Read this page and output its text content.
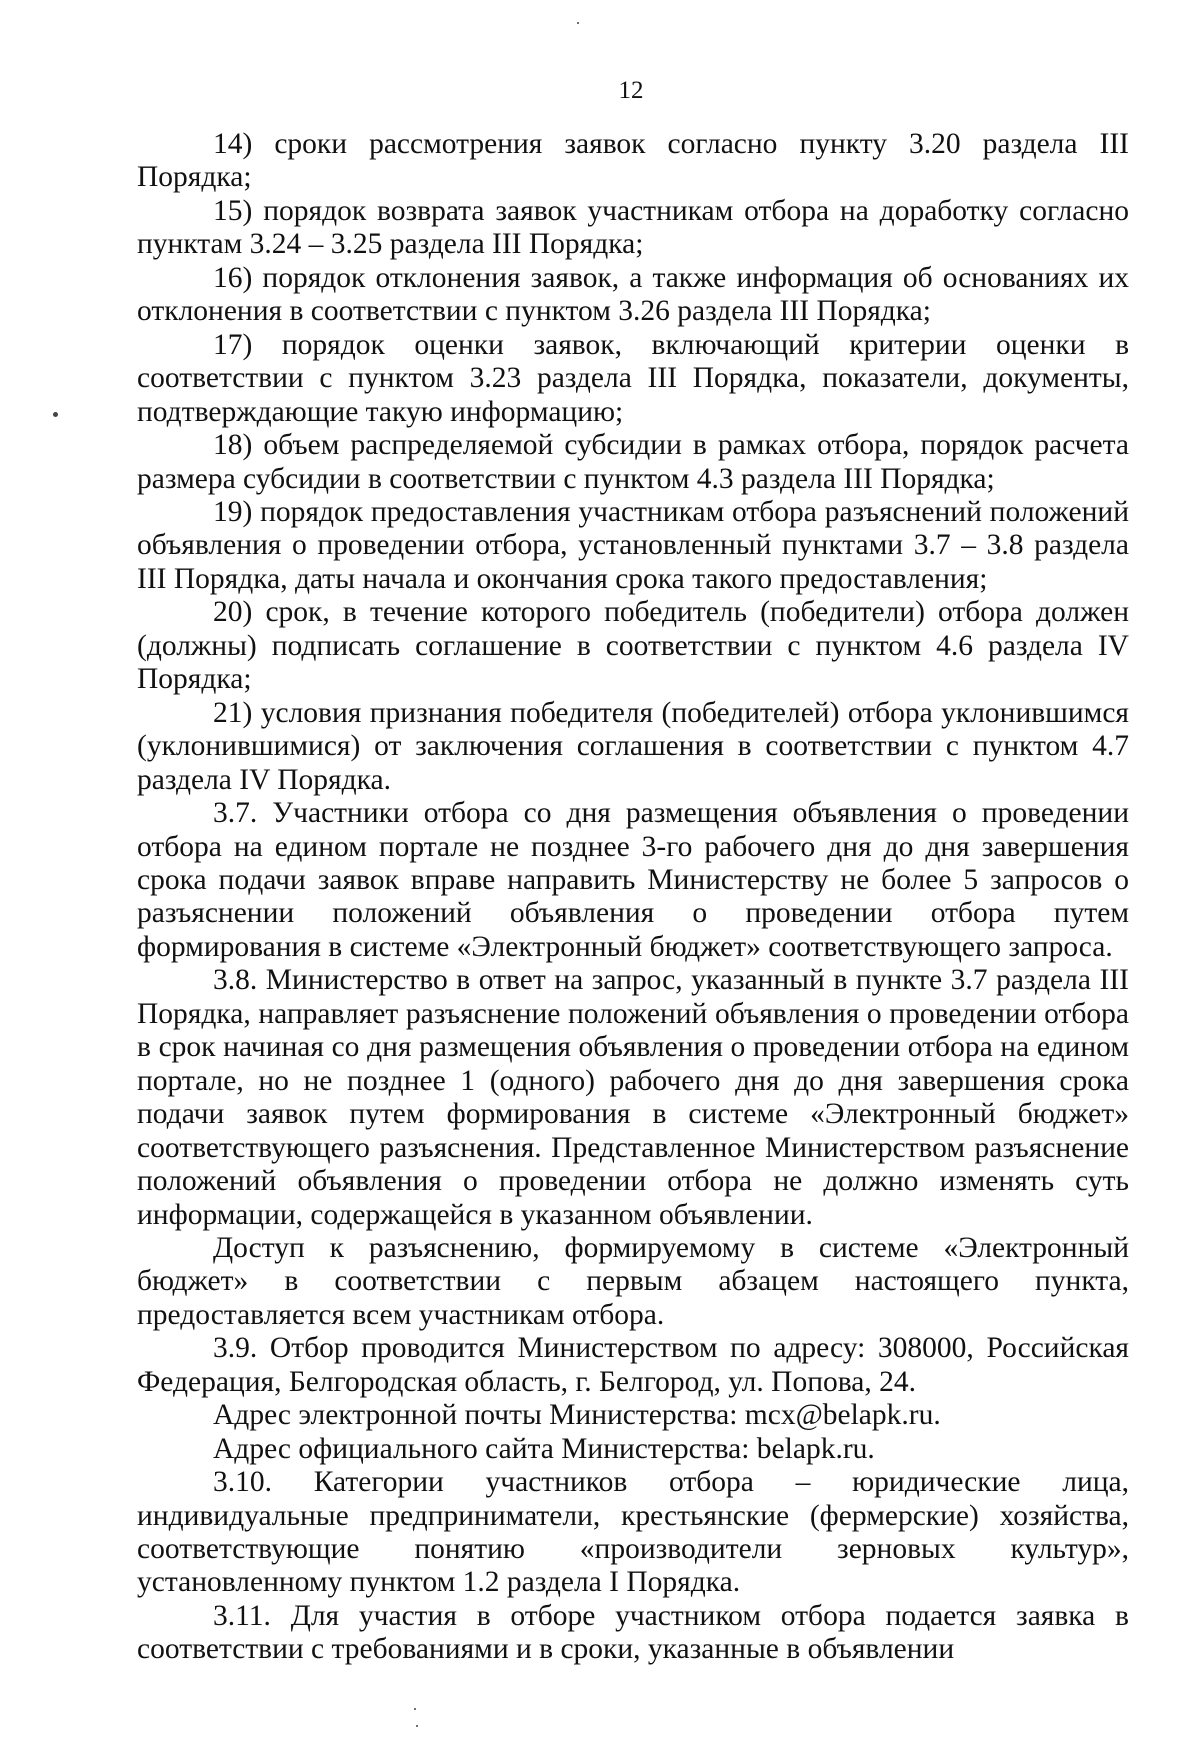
12

14) сроки рассмотрения заявок согласно пункту 3.20 раздела III Порядка;

15) порядок возврата заявок участникам отбора на доработку согласно пунктам 3.24 – 3.25 раздела III Порядка;

16) порядок отклонения заявок, а также информация об основаниях их отклонения в соответствии с пунктом 3.26 раздела III Порядка;

17) порядок оценки заявок, включающий критерии оценки в соответствии с пунктом 3.23 раздела III Порядка, показатели, документы, подтверждающие такую информацию;

18) объем распределяемой субсидии в рамках отбора, порядок расчета размера субсидии в соответствии с пунктом 4.3 раздела III Порядка;

19) порядок предоставления участникам отбора разъяснений положений объявления о проведении отбора, установленный пунктами 3.7 – 3.8 раздела III Порядка, даты начала и окончания срока такого предоставления;

20) срок, в течение которого победитель (победители) отбора должен (должны) подписать соглашение в соответствии с пунктом 4.6 раздела IV Порядка;

21) условия признания победителя (победителей) отбора уклонившимся (уклонившимися) от заключения соглашения в соответствии с пунктом 4.7 раздела IV Порядка.

3.7. Участники отбора со дня размещения объявления о проведении отбора на едином портале не позднее 3-го рабочего дня до дня завершения срока подачи заявок вправе направить Министерству не более 5 запросов о разъяснении положений объявления о проведении отбора путем формирования в системе «Электронный бюджет» соответствующего запроса.

3.8. Министерство в ответ на запрос, указанный в пункте 3.7 раздела III Порядка, направляет разъяснение положений объявления о проведении отбора в срок начиная со дня размещения объявления о проведении отбора на едином портале, но не позднее 1 (одного) рабочего дня до дня завершения срока подачи заявок путем формирования в системе «Электронный бюджет» соответствующего разъяснения. Представленное Министерством разъяснение положений объявления о проведении отбора не должно изменять суть информации, содержащейся в указанном объявлении.

Доступ к разъяснению, формируемому в системе «Электронный бюджет» в соответствии с первым абзацем настоящего пункта, предоставляется всем участникам отбора.

3.9. Отбор проводится Министерством по адресу: 308000, Российская Федерация, Белгородская область, г. Белгород, ул. Попова, 24.

Адрес электронной почты Министерства: mcx@belapk.ru.

Адрес официального сайта Министерства: belapk.ru.

3.10. Категории участников отбора – юридические лица, индивидуальные предприниматели, крестьянские (фермерские) хозяйства, соответствующие понятию «производители зерновых культур», установленному пунктом 1.2 раздела I Порядка.

3.11. Для участия в отборе участником отбора подается заявка в соответствии с требованиями и в сроки, указанные в объявлении
